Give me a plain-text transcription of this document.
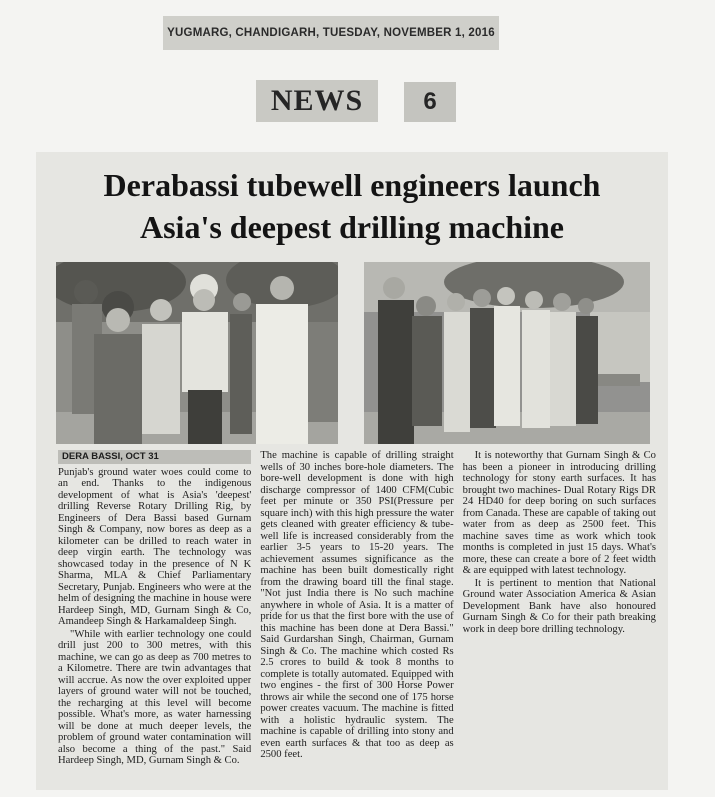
YUGMARG, CHANDIGARH, TUESDAY, NOVEMBER 1, 2016
NEWS	6
Derabassi tubewell engineers launch
Asia's deepest drilling machine
DERA BASSI, OCT 31

Punjab's ground water woes could come to an end. Thanks to the indigenous development of what is Asia's 'deepest' drilling Reverse Rotary Drilling Rig, by Engineers of Dera Bassi based Gurnam Singh & Company, now bores as deep as a kilometer can be drilled to reach water in deep virgin earth. The technology was showcased today in the presence of N K Sharma, MLA & Chief Parliamentary Secretary, Punjab. Engineers who were at the helm of designing the machine in house were Hardeep Singh, MD, Gurnam Singh & Co, Amandeep Singh & Harkamaldeep Singh.

"While with earlier technology one could drill just 200 to 300 metres, with this machine, we can go as deep as 700 metres to a Kilometre. There are twin advantages that will accrue. As now the over exploited upper layers of ground water will not be touched, the recharging at this level will become possible. What's more, as water harnessing will be done at much deeper levels, the problem of ground water contamination will also become a thing of the past." Said Hardeep Singh, MD, Gurnam Singh & Co.

The machine is capable of drilling straight wells of 30 inches bore-hole diameters. The bore-well development is done with high discharge compressor of 1400 CFM(Cubic feet per minute or 350 PSI(Pressure per square inch) with this high pressure the water gets cleaned with greater efficiency & tube-well life is increased considerably from the earlier 3-5 years to 15-20 years. The achievement assumes significance as the machine has been built domestically right from the drawing board till the final stage. "Not just India there is No such machine anywhere in whole of Asia. It is a matter of pride for us that the first bore with the use of this machine has been done at Dera Bassi." Said Gurdarshan Singh, Chairman, Gurnam Singh & Co. The machine which costed Rs 2.5 crores to build & took 8 months to complete is totally automated. Equipped with two engines - the first of 300 Horse Power throws air while the second one of 175 horse power creates vacuum. The machine is fitted with a holistic hydraulic system. The machine is capable of drilling into stony and even earth surfaces & that too as deep as 2500 feet.

It is noteworthy that Gurnam Singh & Co has been a pioneer in introducing drilling technology for stony earth surfaces. It has brought two machines- Dual Rotary Rigs DR 24 HD40 for deep boring on such surfaces from Canada. These are capable of taking out water from as deep as 2500 feet. This machine saves time as work which took months is completed in just 15 days. What's more, these can create a bore of 2 feet width & are equipped with latest technology.

It is pertinent to mention that National Ground water Association America & Asian Development Bank have also honoured Gurnam Singh & Co for their path breaking work in deep bore drilling technology.
